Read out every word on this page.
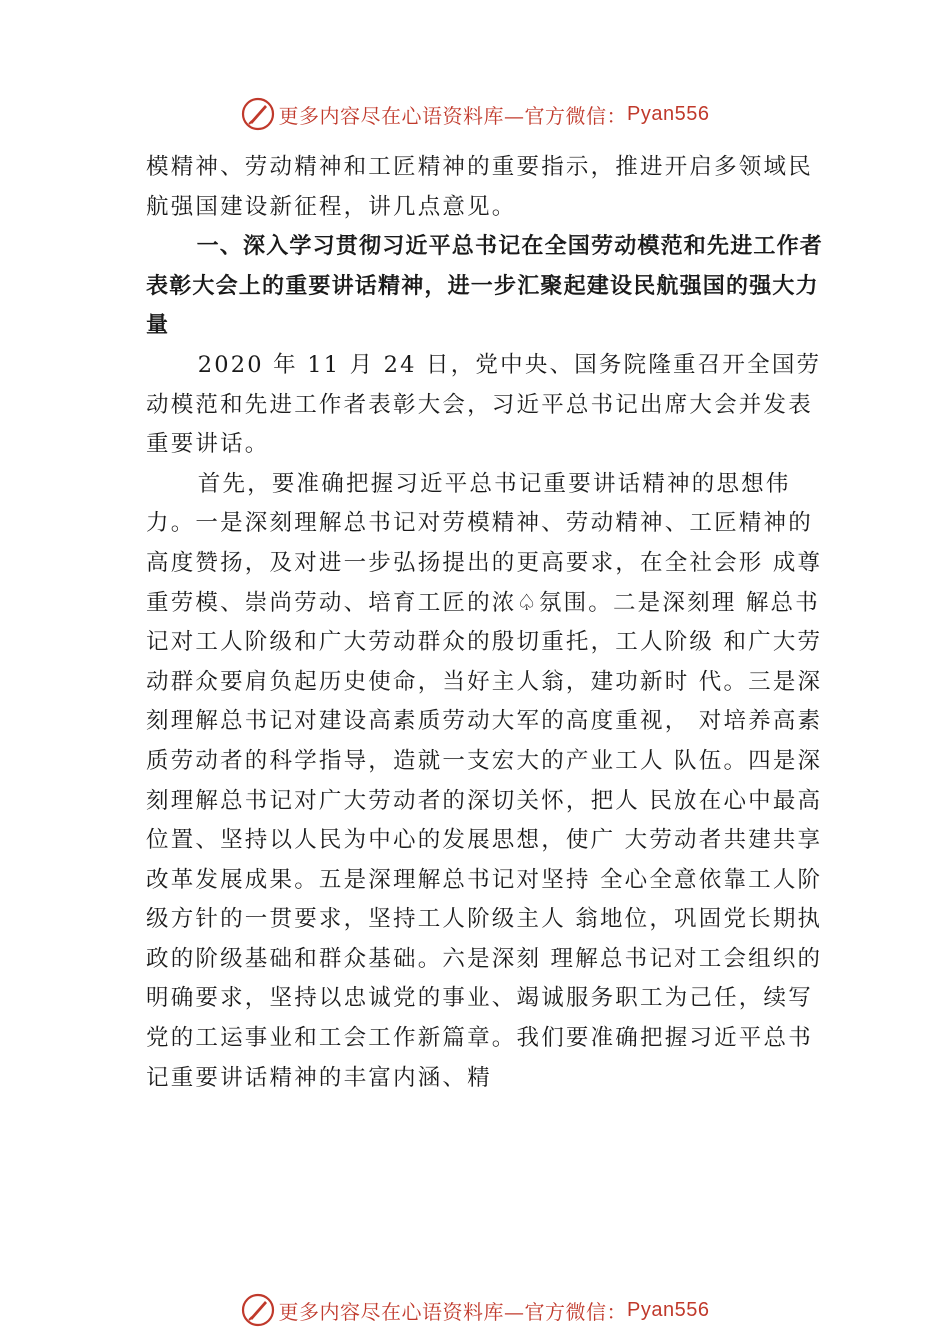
更多内容尽在心语资料库—官方微信： Pyan556

模精神、劳动精神和工匠精神的重要指示，推进开启多领域民航强国建设新征程，讲几点意见。

一、深入学习贯彻习近平总书记在全国劳动模范和先进工作者表彰大会上的重要讲话精神，进一步汇聚起建设民航强国的强大力量

2020 年 11 月 24 日，党中央、国务院隆重召开全国劳动模范和先进工作者表彰大会，习近平总书记出席大会并发表重要讲话。

首先，要准确把握习近平总书记重要讲话精神的思想伟力。一是深刻理解总书记对劳模精神、劳动精神、工匠精神的高度赞扬，及对进一步弘扬提出的更高要求，在全社会形 成尊重劳模、崇尚劳动、培育工匠的浓♤氛围。二是深刻理 解总书记对工人阶级和广大劳动群众的殷切重托，工人阶级 和广大劳动群众要肩负起历史使命，当好主人翁，建功新时 代。三是深刻理解总书记对建设高素质劳动大军的高度重视， 对培养高素质劳动者的科学指导，造就一支宏大的产业工人 队伍。四是深刻理解总书记对广大劳动者的深切关怀，把人 民放在心中最高位置、坚持以人民为中心的发展思想，使广 大劳动者共建共享改革发展成果。五是深理解总书记对坚持 全心全意依靠工人阶级方针的一贯要求，坚持工人阶级主人 翁地位，巩固党长期执政的阶级基础和群众基础。六是深刻 理解总书记对工会组织的明确要求，坚持以忠诚党的事业、竭诚服务职工为己任，续写党的工运事业和工会工作新篇章。我们要准确把握习近平总书记重要讲话精神的丰富内涵、精

更多内容尽在心语资料库—官方微信： Pyan556
